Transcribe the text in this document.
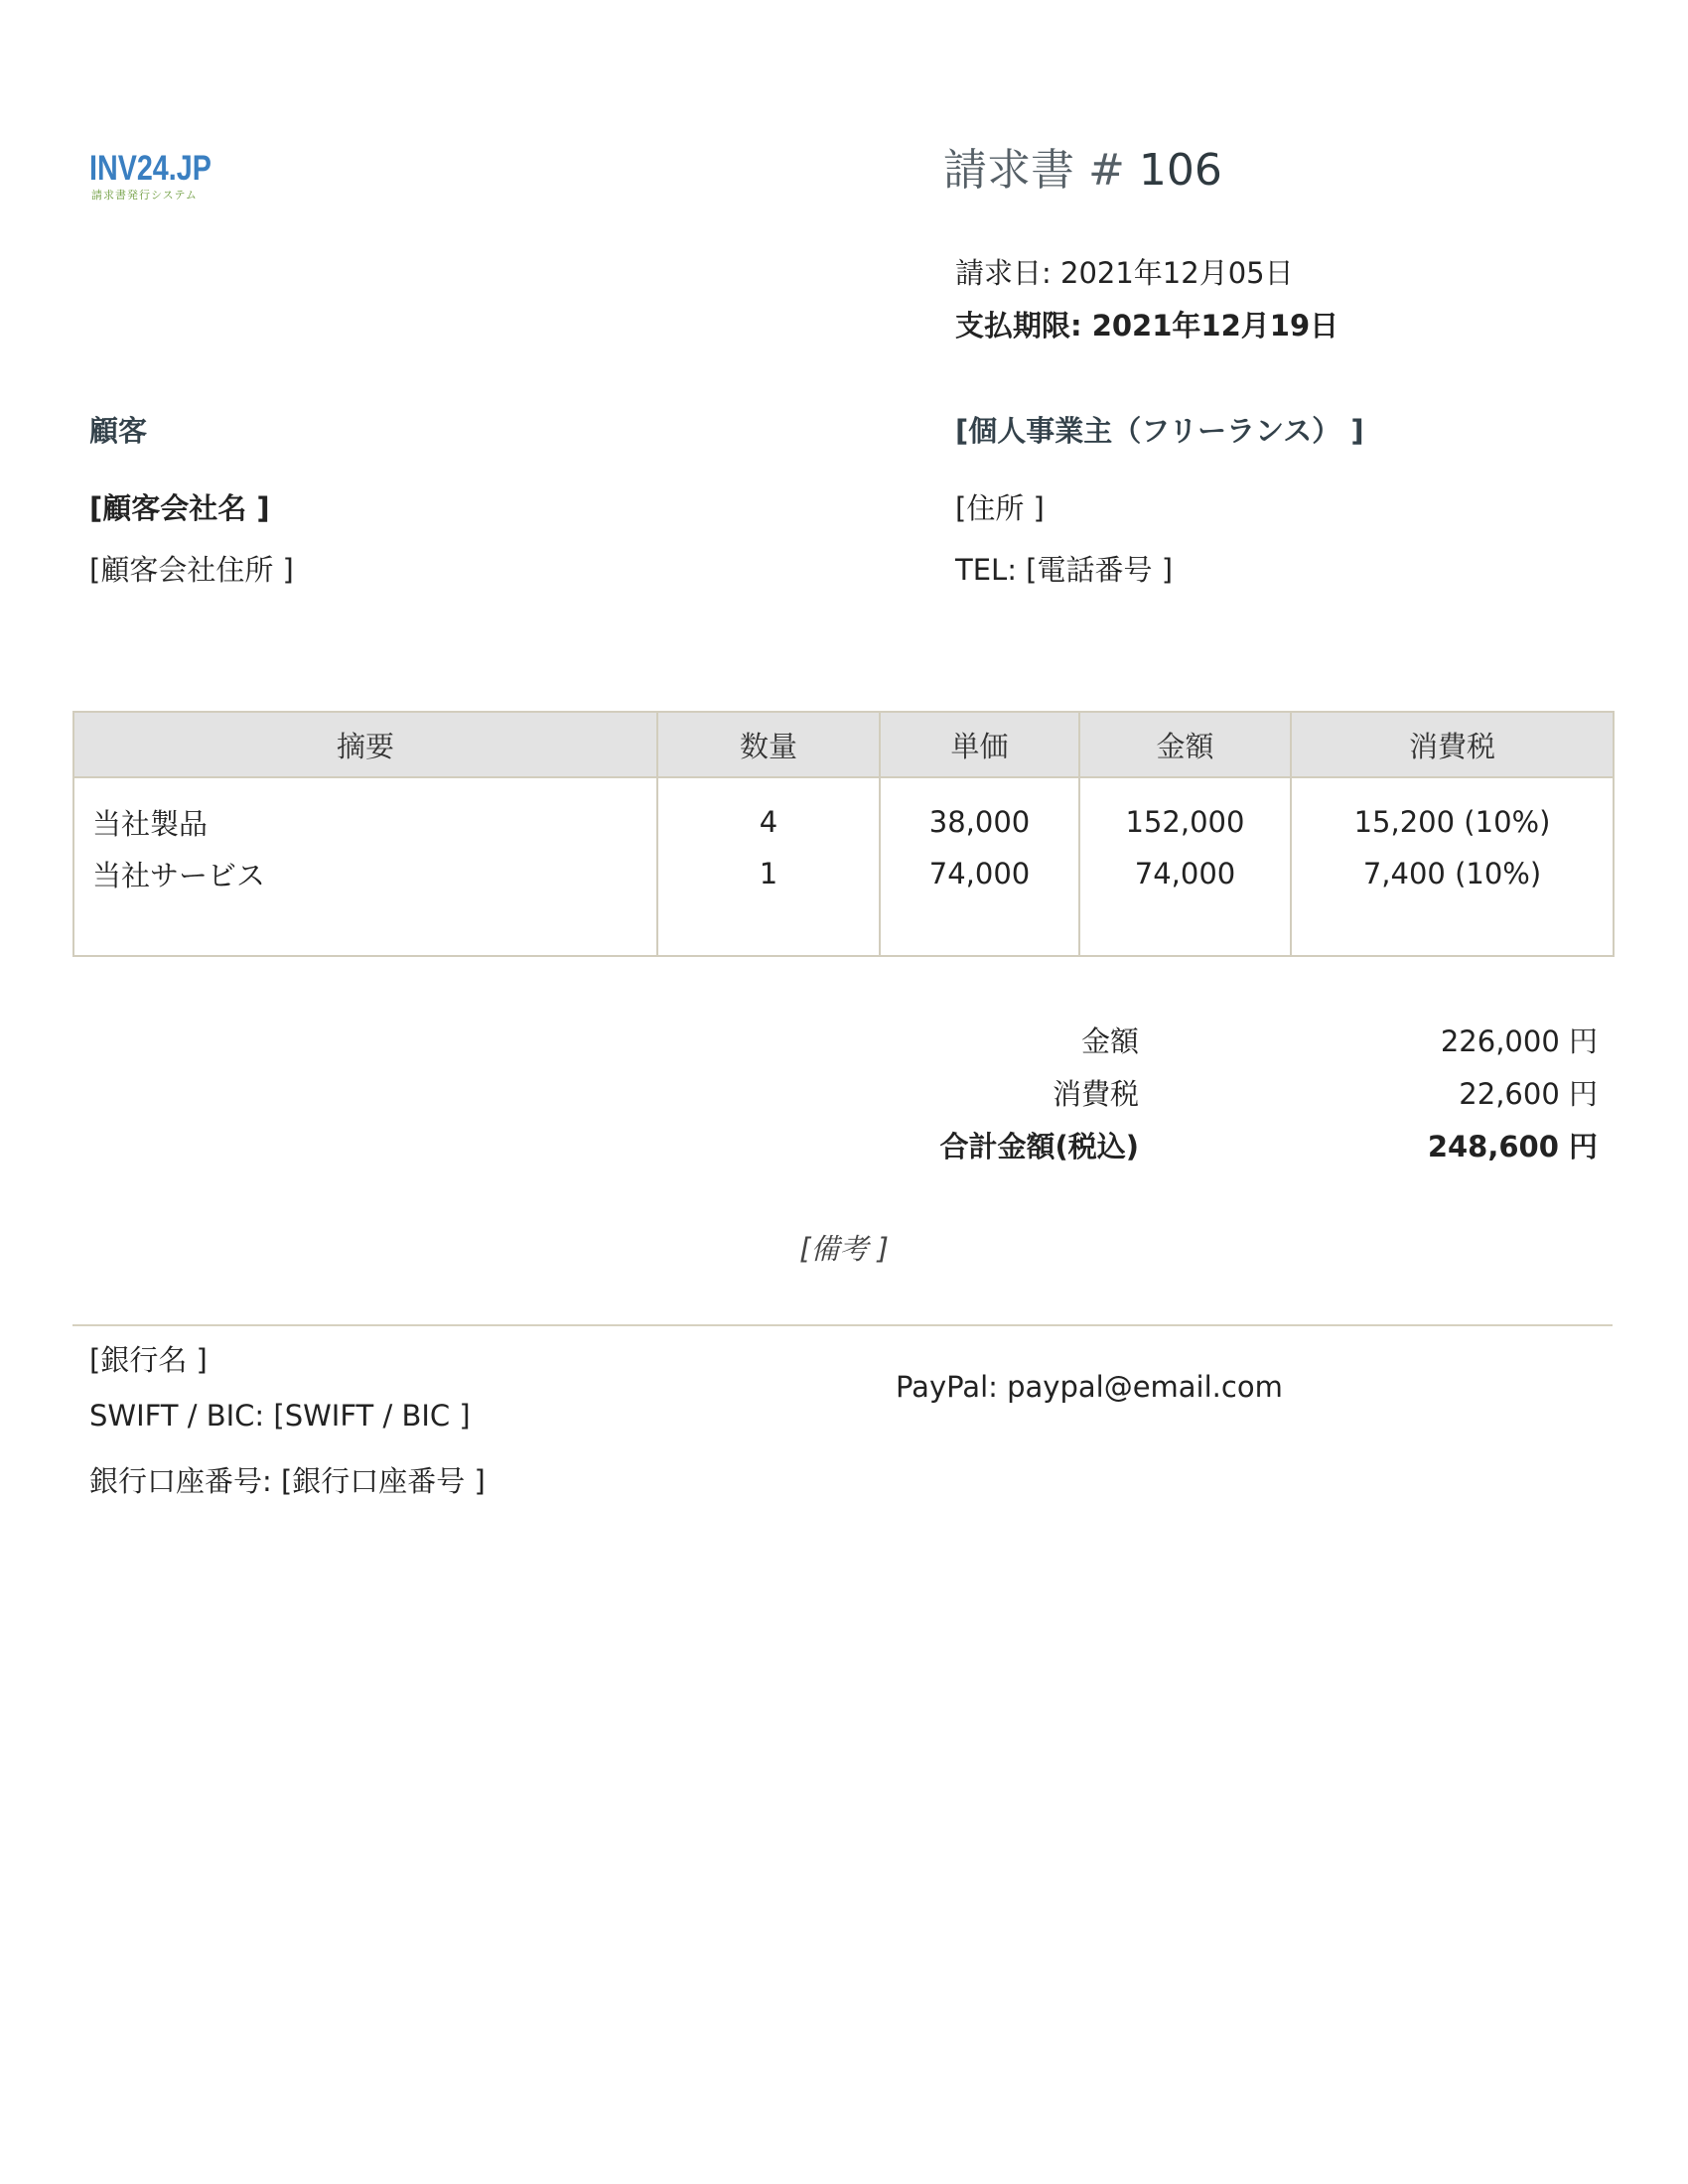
INV24.JP
請求書発行システム	請求書 # 106
請求日: 2021年12月05日
支払期限: 2021年12月19日
顧客	[個人事業主（フリーランス） ]
[顧客会社名 ]	[住所 ]
[顧客会社住所 ]	TEL: [電話番号 ]
摘要	数量	単価	金額	消費税
当社製品	4	38,000	152,000	15,200 (10%)
当社サービス	1	74,000	74,000	7,400 (10%)

金額	226,000 円
消費税	22,600 円
合計金額(税込)	248,600 円
[備考 ]
[銀行名 ]
SWIFT / BIC: [SWIFT / BIC ]
銀行口座番号: [銀行口座番号 ]
PayPal: paypal@email.com
